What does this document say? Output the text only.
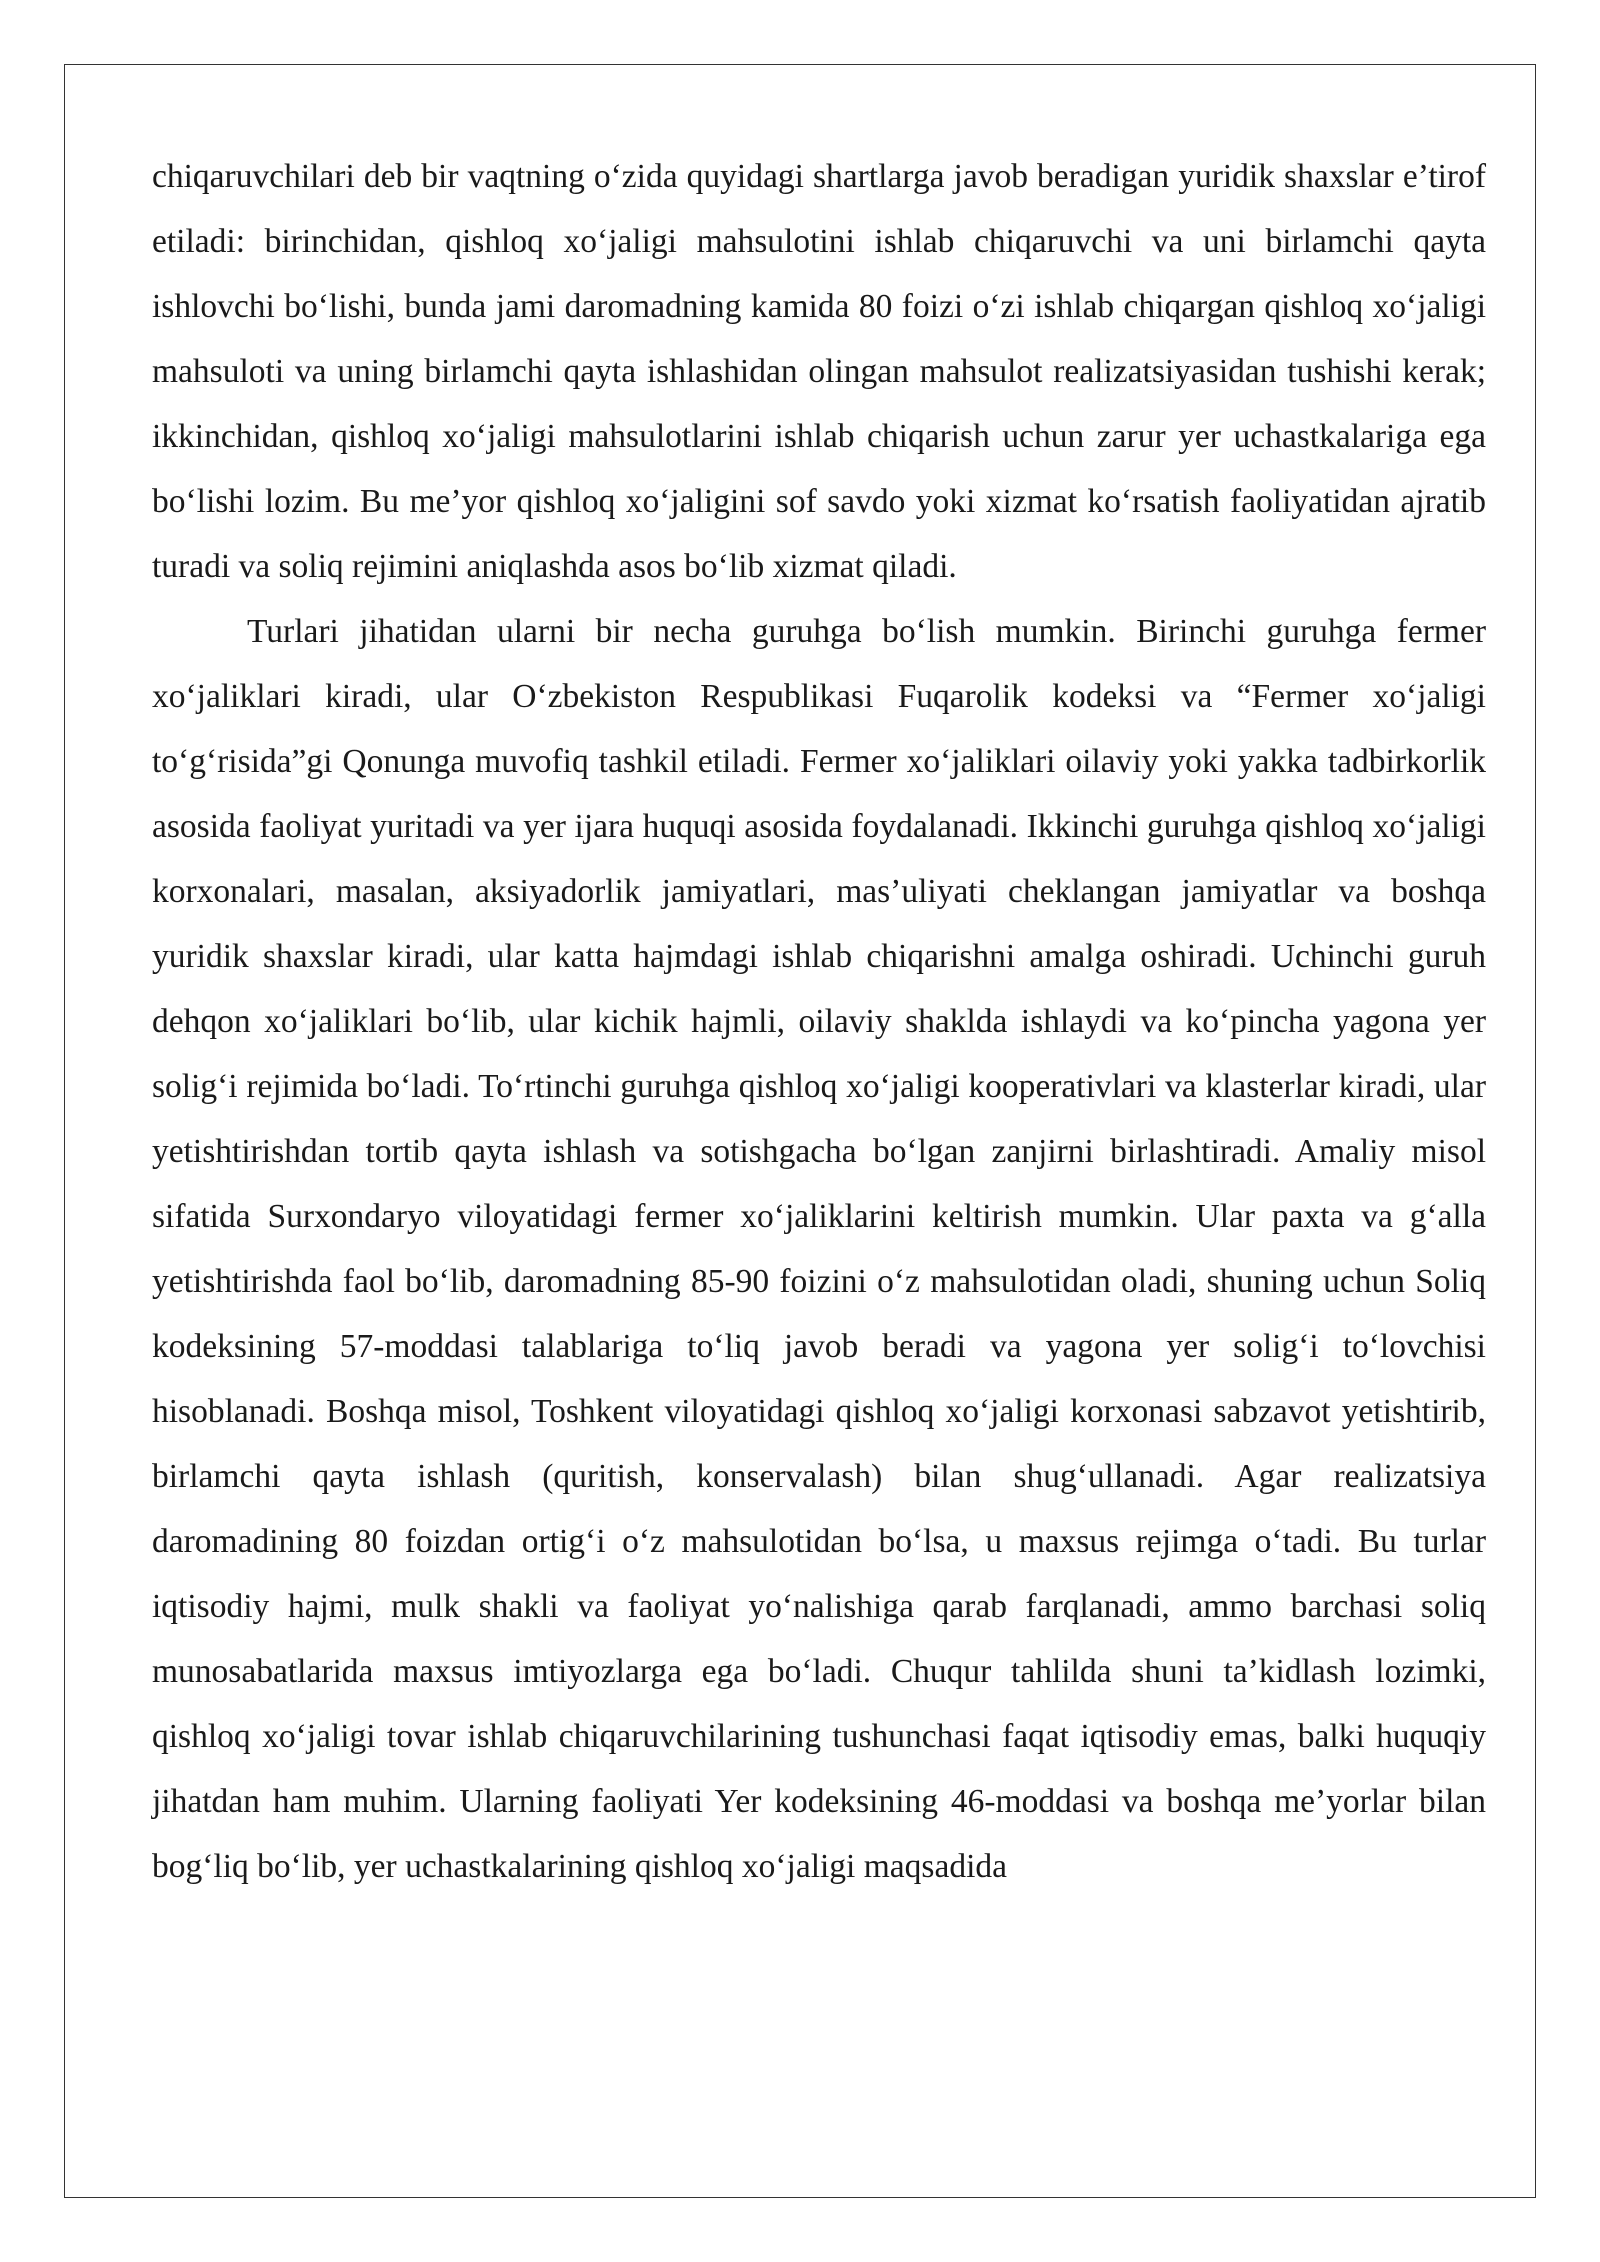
chiqaruvchilari deb bir vaqtning o‘zida quyidagi shartlarga javob beradigan yuridik shaxslar e’tirof etiladi: birinchidan, qishloq xo‘jaligi mahsulotini ishlab chiqaruvchi va uni birlamchi qayta ishlovchi bo‘lishi, bunda jami daromadning kamida 80 foizi o‘zi ishlab chiqargan qishloq xo‘jaligi mahsuloti va uning birlamchi qayta ishlashidan olingan mahsulot realizatsiyasidan tushishi kerak; ikkinchidan, qishloq xo‘jaligi mahsulotlarini ishlab chiqarish uchun zarur yer uchastkalariga ega bo‘lishi lozim. Bu me’yor qishloq xo‘jaligini sof savdo yoki xizmat ko‘rsatish faoliyatidan ajratib turadi va soliq rejimini aniqlashda asos bo‘lib xizmat qiladi.

Turlari jihatidan ularni bir necha guruhga bo‘lish mumkin. Birinchi guruhga fermer xo‘jaliklari kiradi, ular O‘zbekiston Respublikasi Fuqarolik kodeksi va “Fermer xo‘jaligi to‘g‘risida”gi Qonunga muvofiq tashkil etiladi. Fermer xo‘jaliklari oilaviy yoki yakka tadbirkorlik asosida faoliyat yuritadi va yer ijara huquqi asosida foydalanadi. Ikkinchi guruhga qishloq xo‘jaligi korxonalari, masalan, aksiyadorlik jamiyatlari, mas’uliyati cheklangan jamiyatlar va boshqa yuridik shaxslar kiradi, ular katta hajmdagi ishlab chiqarishni amalga oshiradi. Uchinchi guruh dehqon xo‘jaliklari bo‘lib, ular kichik hajmli, oilaviy shaklda ishlaydi va ko‘pincha yagona yer solig‘i rejimida bo‘ladi. To‘rtinchi guruhga qishloq xo‘jaligi kooperativlari va klasterlar kiradi, ular yetishtirishdan tortib qayta ishlash va sotishgacha bo‘lgan zanjirni birlashtiradi. Amaliy misol sifatida Surxondaryo viloyatidagi fermer xo‘jaliklarini keltirish mumkin. Ular paxta va g‘alla yetishtirishda faol bo‘lib, daromadning 85-90 foizini o‘z mahsulotidan oladi, shuning uchun Soliq kodeksining 57-moddasi talablariga to‘liq javob beradi va yagona yer solig‘i to‘lovchisi hisoblanadi. Boshqa misol, Toshkent viloyatidagi qishloq xo‘jaligi korxonasi sabzavot yetishtirib, birlamchi qayta ishlash (quritish, konservalash) bilan shug‘ullanadi. Agar realizatsiya daromadining 80 foizdan ortig‘i o‘z mahsulotidan bo‘lsa, u maxsus rejimga o‘tadi. Bu turlar iqtisodiy hajmi, mulk shakli va faoliyat yo‘nalishiga qarab farqlanadi, ammo barchasi soliq munosabatlarida maxsus imtiyozlarga ega bo‘ladi. Chuqur tahlilda shuni ta’kidlash lozimki, qishloq xo‘jaligi tovar ishlab chiqaruvchilarining tushunchasi faqat iqtisodiy emas, balki huquqiy jihatdan ham muhim. Ularning faoliyati Yer kodeksining 46-moddasi va boshqa me’yorlar bilan bog‘liq bo‘lib, yer uchastkalarining qishloq xo‘jaligi maqsadida
